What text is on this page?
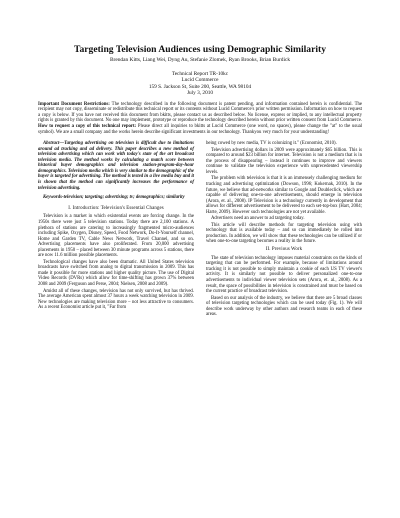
Targeting Television Audiences using Demographic Similarity
Brendan Kitts, Liang Wei, Dyng Au, Stefanie Zlomek, Ryan Brooks, Brian Burdick
Technical Report TR-10kc
Lucid Commerce
159 S. Jackson St, Suite 200, Seattle, WA 98104
July 3, 2010
Important Document Restrictions: The technology described in the following document is patent pending, and information contained herein is confidential. The recipient may not copy, disseminate or redistribute this technical report or its contents without Lucid Commerce's prior written permission. Information on how to request a copy is below. If you have not received this document from bkitts, please contact us as described below. No license, express or implied, to any intellectual property rights is granted by this document. No one may implement, prototype or reproduce the technology described herein without prior written consent from Lucid Commerce. How to request a copy of this technical report: Please direct all inquiries to bkitts at Lucid Commerce (one word, no spaces), please change the "at" to the usual symbol). We are a small company and the works herein describe significant investments in our technology. Thankyou very much for your understanding!

Abstract—Targeting advertising on television is difficult due to limitations around ad tracking and ad delivery. This paper describes a new method of television advertising which can work with today's state of the art broadcast television media. The method works by calculating a match score between historical buyer demographics and television station-program-day-hour demographics. Television media which is very similar to the demographic of the buyer is targeted for advertising. The method is tested in a live media buy and it is shown that the method can significantly increases the performance of television advertising.

Keywords-television; targeting; advertising; tv; demographics; similarity

I. Introduction: Television's Essential Changes

Television is a market in which existential events are forcing change. In the 1950s there were just 5 television stations. Today there are 2,100 stations. A plethora of stations are catering to increasingly fragmented micro-audiences including Spike, Oxygen, Disney, Speed, Food Network, Do-It-Yourself channel, Home and Garden TV, Cable News Network, Travel Channel, and so on. Advertising placements have also proliferated. From 20,000 advertising placements in 1950 – placed between 30 minute programs across 5 stations, there are now 11.6 million possible placements.

Technological changes have also been dramatic. All United States television broadcasts have switched from analog to digital transmission in 2009. This has made it possible for more stations and higher quality picture. The use of Digital Video Records (DVRs) which allow for time-shifting has grown 37% between 2008 and 2009 (Ferguson and Perse, 2004; Nielsen, 2008 and 2009).

Amidst all of these changes, television has not only survived, but has thrived. The average American spent almost 37 hours a week watching television in 2009. New technologies are making television more – not less attractive to consumers. As a recent Economist article put it, "Far from

being cowed by new media, TV is colonizing it." (Economist, 2010).

Television advertising dollars in 2009 were approximately $65 billion. This is compared to around $23 billion for internet. Television is not a medium that is in the process of disappearing – instead it continues to improve and viewers continue to validate the television experience with unprecedented viewership levels.

The problem with television is that it is an immensely challenging medium for tracking and advertising optimization (Dowson, 1996; Kokernak, 2010). In the future, we believe that ad-networks similar to Google and Doubleclick, which are capable of delivering one-to-one advertisements, should emerge in television (Arora, et. al., 2008). IP Television is a technology currently in development that allows for different advertisement to be delivered to each set-top-box (Hart, 2004; Harte, 2009). However such technologies are not yet available.

Advertisers need an answer to ad targeting today.

This article will describe methods for targeting television using with technology that is available today – and so can immediately be rolled into production. In addition, we will show that these technologies can be utilized if or when one-to-one targeting becomes a reality in the future.

II. Previous Work

The state of television technology imposes material constraints on the kinds of targeting that can be performed. For example, because of limitations around tracking it is not possible to simply maintain a cookie of each US TV viewer's activity. It is similarly not possible to deliver personalized one-to-one advertisements to individual viewer television sets (Arora, et. al., 2008). As a result, the space of possibilities in television is constrained and must be based on the current practice of broadcast television.

Based on our analysis of the industry, we believe that there are 5 broad classes of television targeting technologies which can be used today (Fig. 1). We will describe work underway by other authors and research teams in each of these areas.
